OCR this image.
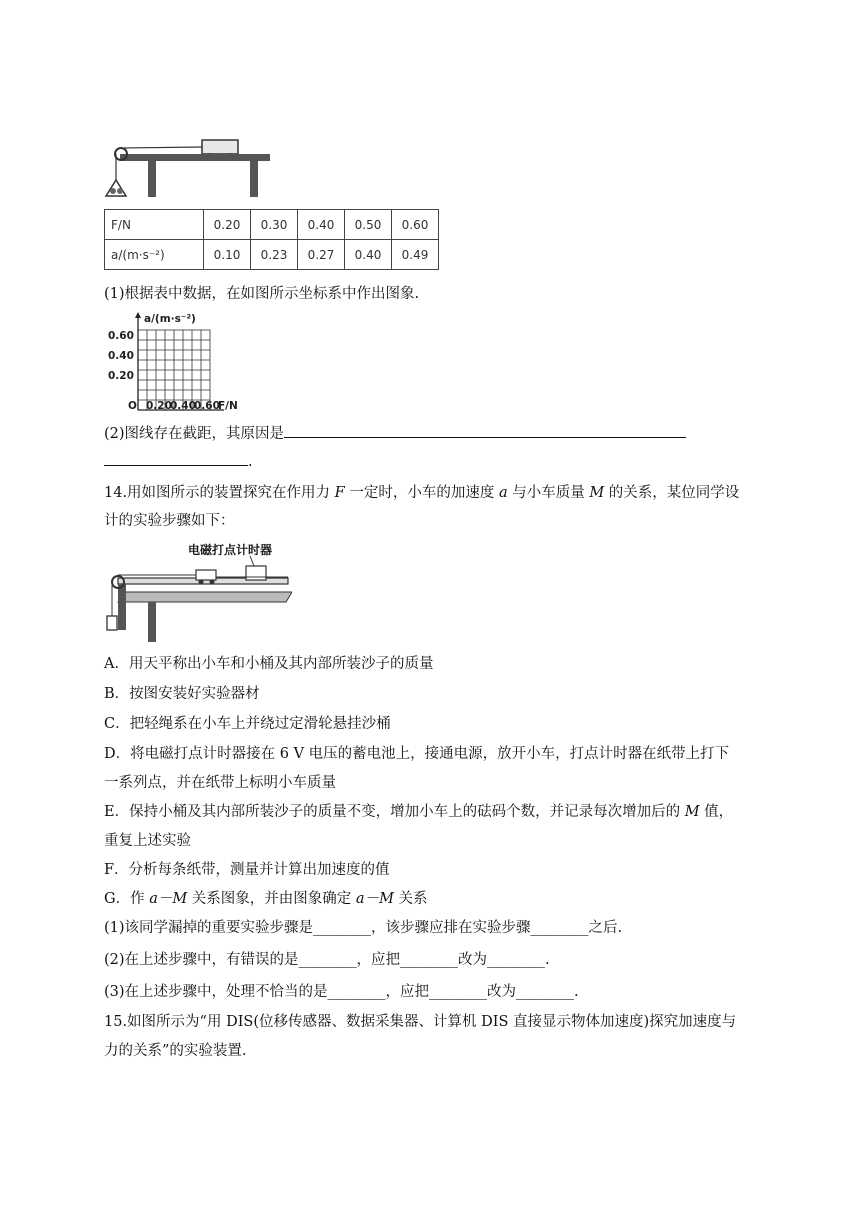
F/N	0.20	0.30	0.40	0.50	0.60
a/(m·s⁻²)	0.10	0.23	0.27	0.40	0.49
(1)根据表中数据，在如图所示坐标系中作出图象.
a/(m·s⁻²)
0.60
0.40
0.20
O 0.20
0.40
0.60
F/N
(2)图线存在截距，其原因是
.
14.用如图所示的装置探究在作用力 F 一定时，小车的加速度 a 与小车质量 M 的关系，某位同学设
计的实验步骤如下：
电磁打点计时器
A．用天平称出小车和小桶及其内部所装沙子的质量
B．按图安装好实验器材
C．把轻绳系在小车上并绕过定滑轮悬挂沙桶
D．将电磁打点计时器接在 6 V 电压的蓄电池上，接通电源，放开小车，打点计时器在纸带上打下
一系列点，并在纸带上标明小车质量
E．保持小桶及其内部所装沙子的质量不变，增加小车上的砝码个数，并记录每次增加后的 M 值，
重复上述实验
F．分析每条纸带，测量并计算出加速度的值
G．作 a－M 关系图象，并由图象确定 a－M 关系
(1)该同学漏掉的重要实验步骤是________，该步骤应排在实验步骤________之后.
(2)在上述步骤中，有错误的是________，应把________改为________.
(3)在上述步骤中，处理不恰当的是________，应把________改为________.
15.如图所示为“用 DIS(位移传感器、数据采集器、计算机 DIS 直接显示物体加速度)探究加速度与
力的关系”的实验装置.
